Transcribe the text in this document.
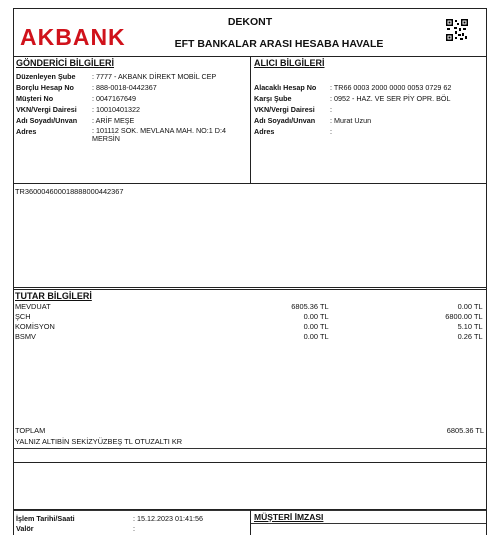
AKBANK
DEKONT
EFT BANKALAR ARASI HESABA HAVALE
GÖNDERİCİ BİLGİLERİ
Düzenleyen Şube : 7777 - AKBANK DİREKT MOBİL CEP
Borçlu Hesap No	: 888-0018-0442367
Müşteri No	: 0047167649
VKN/Vergi Dairesi : 10010401322
Adı Soyadı/Unvan : ARİF MEŞE
Adres	: 101112 SOK. MEVLANA MAH. NO:1 D:4 MERSİN
ALICI BİLGİLERİ
Alacaklı Hesap No : TR66 0003 2000 0000 0053 0729 62
Karşı Şube	: 0952 - HAZ. VE SER PİY OPR. BÖL
VKN/Vergi Dairesi :
Adı Soyadı/Unvan : Murat Uzun
Adres	:
TR360004600018888000442367
TUTAR BİLGİLERİ
MEVDUAT	6805.36 TL	0.00 TL
ŞCH	0.00 TL	6800.00 TL
KOMİSYON	0.00 TL	5.10 TL
BSMV	0.00 TL	0.26 TL
TOPLAM	6805.36 TL
YALNIZ ALTIBİN SEKİZYÜZBEŞ TL OTUZALTI KR
İşlem Tarihi/Saati	: 15.12.2023 01:41:56
Valör	:
MÜŞTERİ İMZASI
